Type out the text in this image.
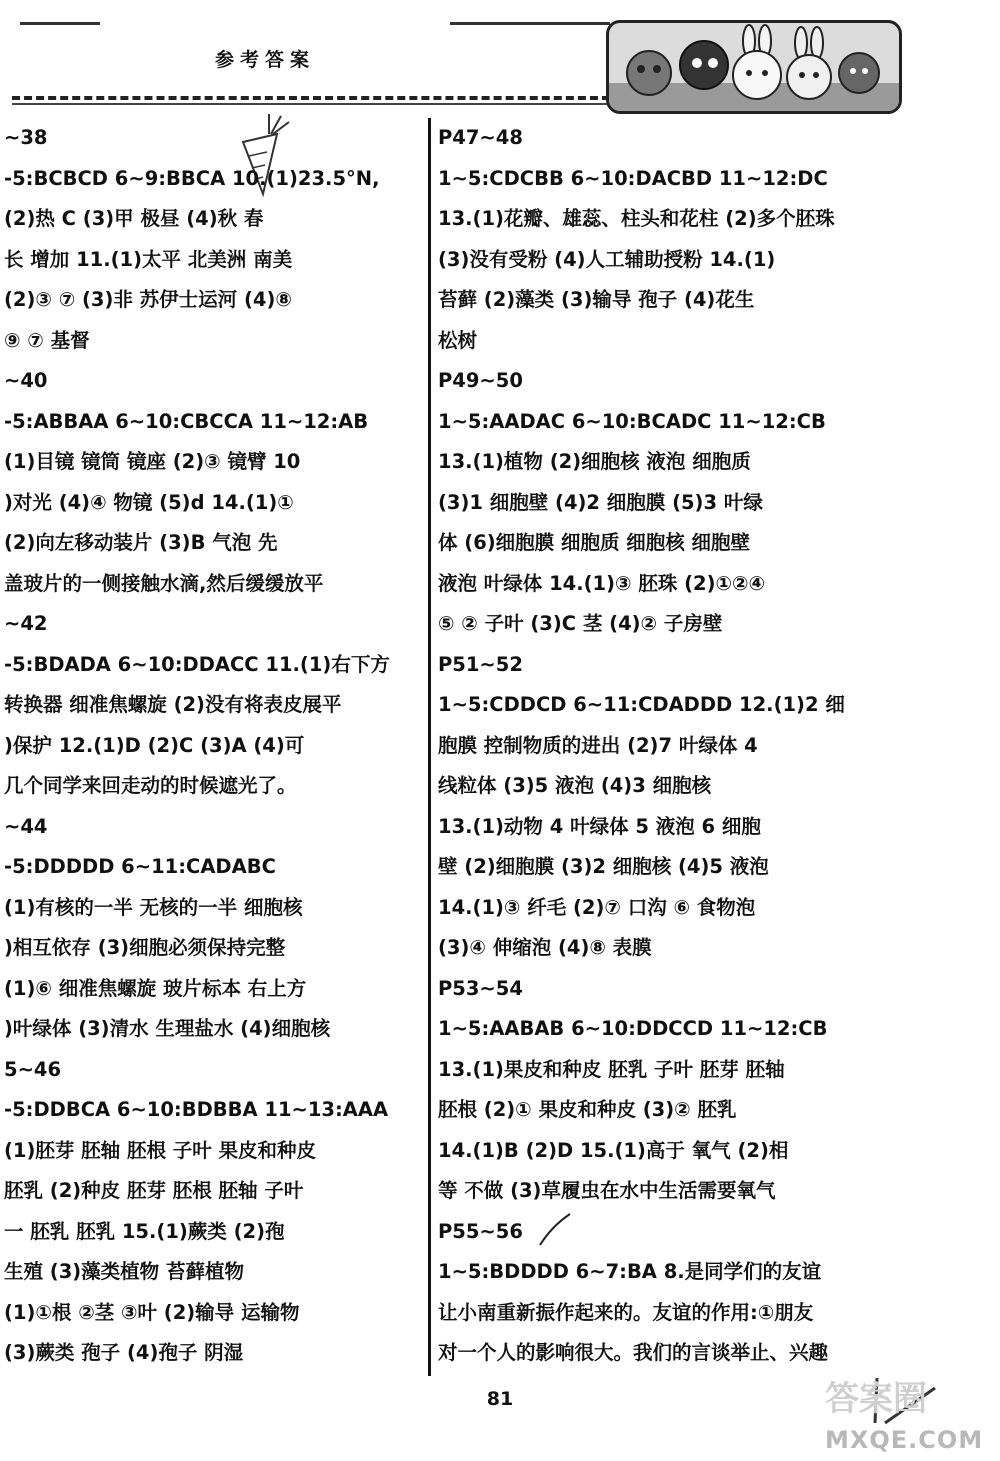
参考答案
~38
-5:BCBCD 6~9:BBCA 10.(1)23.5°N,
(2)热 C (3)甲 极昼 (4)秋 春
长 增加 11.(1)太平 北美洲 南美
(2)③ ⑦ (3)非 苏伊士运河 (4)⑧
⑨ ⑦ 基督
~40
-5:ABBAA 6~10:CBCCA 11~12:AB
(1)目镜 镜筒 镜座 (2)③ 镜臂 10
)对光 (4)④ 物镜 (5)d 14.(1)①
(2)向左移动装片 (3)B 气泡 先
盖玻片的一侧接触水滴,然后缓缓放平
~42
-5:BDADA 6~10:DDACC 11.(1)右下方
转换器 细准焦螺旋 (2)没有将表皮展平
)保护 12.(1)D (2)C (3)A (4)可
几个同学来回走动的时候遮光了。
~44
-5:DDDDD 6~11:CADABC
(1)有核的一半 无核的一半 细胞核
)相互依存 (3)细胞必须保持完整
(1)⑥ 细准焦螺旋 玻片标本 右上方
)叶绿体 (3)清水 生理盐水 (4)细胞核
5~46
-5:DDBCA 6~10:BDBBA 11~13:AAA
(1)胚芽 胚轴 胚根 子叶 果皮和种皮
胚乳 (2)种皮 胚芽 胚根 胚轴 子叶
一 胚乳 胚乳 15.(1)蕨类 (2)孢
生殖 (3)藻类植物 苔藓植物
(1)①根 ②茎 ③叶 (2)输导 运输物
(3)蕨类 孢子 (4)孢子 阴湿
P47~48
1~5:CDCBB 6~10:DACBD 11~12:DC
13.(1)花瓣、雄蕊、柱头和花柱 (2)多个胚珠
(3)没有受粉 (4)人工辅助授粉 14.(1)
苔藓 (2)藻类 (3)输导 孢子 (4)花生
松树
P49~50
1~5:AADAC 6~10:BCADC 11~12:CB
13.(1)植物 (2)细胞核 液泡 细胞质
(3)1 细胞壁 (4)2 细胞膜 (5)3 叶绿
体 (6)细胞膜 细胞质 细胞核 细胞壁
液泡 叶绿体 14.(1)③ 胚珠 (2)①②④
⑤ ② 子叶 (3)C 茎 (4)② 子房壁
P51~52
1~5:CDDCD 6~11:CDADDD 12.(1)2 细
胞膜 控制物质的进出 (2)7 叶绿体 4
线粒体 (3)5 液泡 (4)3 细胞核
13.(1)动物 4 叶绿体 5 液泡 6 细胞
壁 (2)细胞膜 (3)2 细胞核 (4)5 液泡
14.(1)③ 纤毛 (2)⑦ 口沟 ⑥ 食物泡
(3)④ 伸缩泡 (4)⑧ 表膜
P53~54
1~5:AABAB 6~10:DDCCD 11~12:CB
13.(1)果皮和种皮 胚乳 子叶 胚芽 胚轴
胚根 (2)① 果皮和种皮 (3)② 胚乳
14.(1)B (2)D 15.(1)高于 氧气 (2)相
等 不做 (3)草履虫在水中生活需要氧气
P55~56
1~5:BDDDD 6~7:BA 8.是同学们的友谊
让小南重新振作起来的。友谊的作用:①朋友
对一个人的影响很大。我们的言谈举止、兴趣
81	答案圈
MXQE.COM
